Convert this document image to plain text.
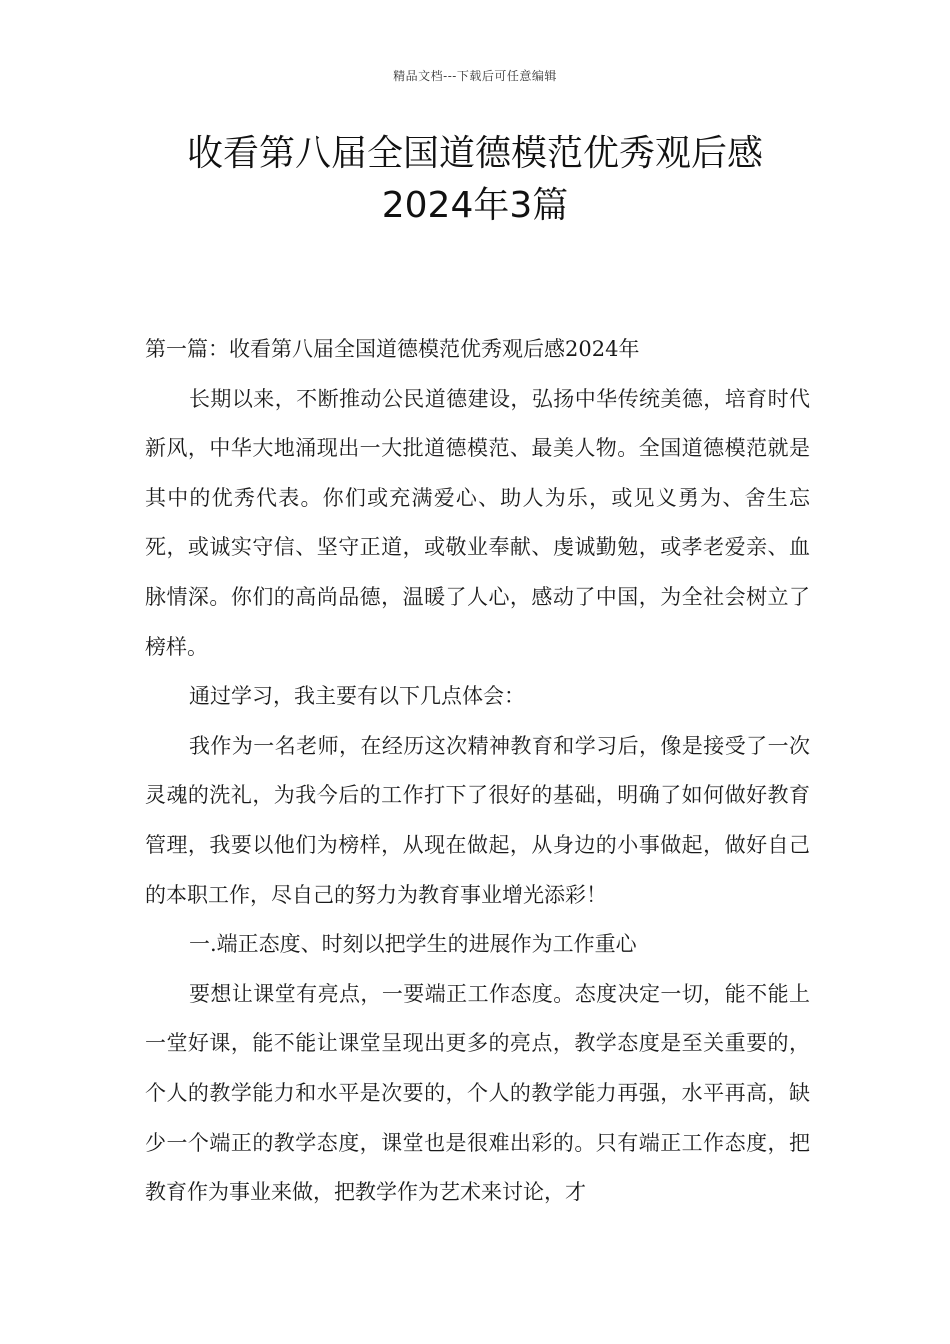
精品文档---下载后可任意编辑
收看第八届全国道德模范优秀观后感
2024年3篇

第一篇：收看第八届全国道德模范优秀观后感2024年

长期以来，不断推动公民道德建设，弘扬中华传统美德，培育时代新风，中华大地涌现出一大批道德模范、最美人物。全国道德模范就是其中的优秀代表。你们或充满爱心、助人为乐，或见义勇为、舍生忘死，或诚实守信、坚守正道，或敬业奉献、虔诚勤勉，或孝老爱亲、血脉情深。你们的高尚品德，温暖了人心，感动了中国，为全社会树立了榜样。

通过学习，我主要有以下几点体会：

我作为一名老师，在经历这次精神教育和学习后，像是接受了一次灵魂的洗礼，为我今后的工作打下了很好的基础，明确了如何做好教育管理，我要以他们为榜样，从现在做起，从身边的小事做起，做好自己的本职工作，尽自己的努力为教育事业增光添彩！

一.端正态度、时刻以把学生的进展作为工作重心

要想让课堂有亮点，一要端正工作态度。态度决定一切，能不能上一堂好课，能不能让课堂呈现出更多的亮点，教学态度是至关重要的，个人的教学能力和水平是次要的，个人的教学能力再强，水平再高，缺少一个端正的教学态度，课堂也是很难出彩的。只有端正工作态度，把教育作为事业来做，把教学作为艺术来讨论，才
